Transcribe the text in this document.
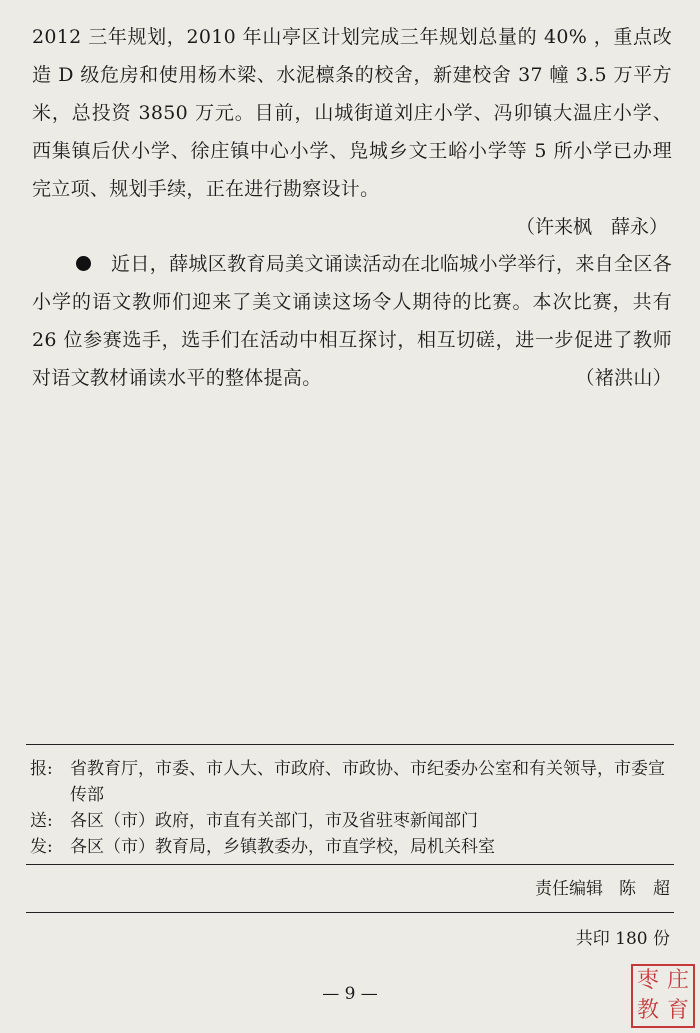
2012 三年规划，2010 年山亭区计划完成三年规划总量的 40% ，重点改造 D 级危房和使用杨木梁、水泥檩条的校舍，新建校舍 37 幢 3.5 万平方米，总投资 3850 万元。目前，山城街道刘庄小学、冯卯镇大温庄小学、西集镇后伏小学、徐庄镇中心小学、凫城乡文王峪小学等 5 所小学已办理完立项、规划手续，正在进行勘察设计。

（许来枫　薛永）

近日，薛城区教育局美文诵读活动在北临城小学举行，来自全区各小学的语文教师们迎来了美文诵读这场令人期待的比赛。本次比赛，共有 26 位参赛选手，选手们在活动中相互探讨，相互切磋，进一步促进了教师对语文教材诵读水平的整体提高。	（褚洪山）

报:	省教育厅，市委、市人大、市政府、市政协、市纪委办公室和有关领导，市委宣传部
送:	各区（市）政府，市直有关部门，市及省驻枣新闻部门
发:	各区（市）教育局，乡镇教委办，市直学校，局机关科室
责任编辑 陈　超
共印 180 份
— 9 —
枣 庄
教 育
